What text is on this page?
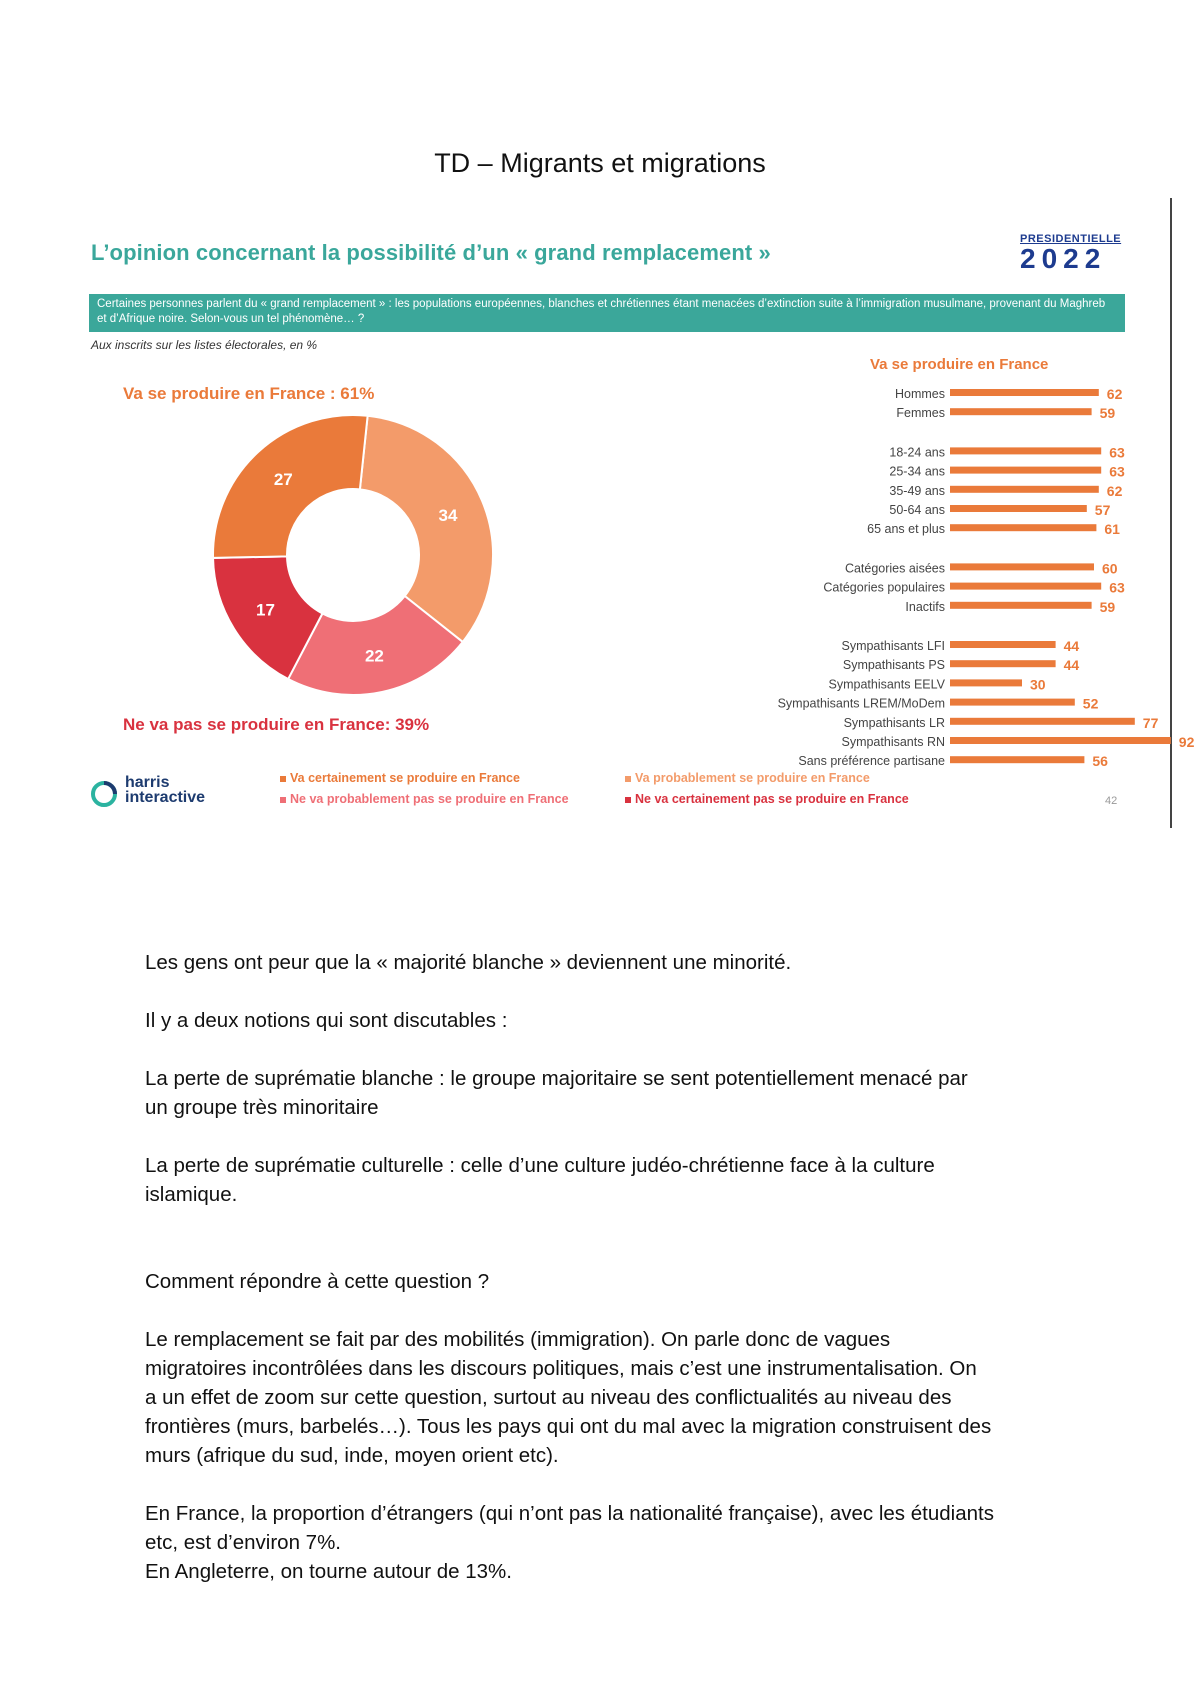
TD – Migrants et migrations
L’opinion concernant la possibilité d’un « grand remplacement »
PRESIDENTIELLE
2022
Certaines personnes parlent du « grand remplacement » : les populations européennes, blanches et chrétiennes étant menacées d’extinction suite à l’immigration musulmane, provenant du Maghreb et d’Afrique noire. Selon-vous un tel phénomène… ?
Aux inscrits sur les listes électorales, en %
Va se produire en France : 61%
34
22
17
27
Ne va pas se produire en France: 39%
Va se produire en France
Hommes	62
Femmes	59
18-24 ans	63
25-34 ans	63
35-49 ans	62
50-64 ans	57
65 ans et plus	61
Catégories aisées	60
Catégories populaires	63
Inactifs	59
Sympathisants LFI	44
Sympathisants PS	44
Sympathisants EELV	30
Sympathisants LREM/MoDem	52
Sympathisants LR	77
Sympathisants RN	92
Sans préférence partisane	56
harris
interactive
Va certainement se produire en France	Va probablement se produire en France
Ne va probablement pas se produire en France	Ne va certainement pas se produire en France	42

Les gens ont peur que la « majorité blanche » deviennent une minorité.

Il y a deux notions qui sont discutables :

La perte de suprématie blanche : le groupe majoritaire se sent potentiellement menacé par

un groupe très minoritaire

La perte de suprématie culturelle : celle d’une culture judéo-chrétienne face à la culture

islamique.

Comment répondre à cette question ?

Le remplacement se fait par des mobilités (immigration). On parle donc de vagues

migratoires incontrôlées dans les discours politiques, mais c’est une instrumentalisation. On

a un effet de zoom sur cette question, surtout au niveau des conflictualités au niveau des

frontières (murs, barbelés…). Tous les pays qui ont du mal avec la migration construisent des

murs (afrique du sud, inde, moyen orient etc).

En France, la proportion d’étrangers (qui n’ont pas la nationalité française), avec les étudiants

etc, est d’environ 7%.

En Angleterre, on tourne autour de 13%.
